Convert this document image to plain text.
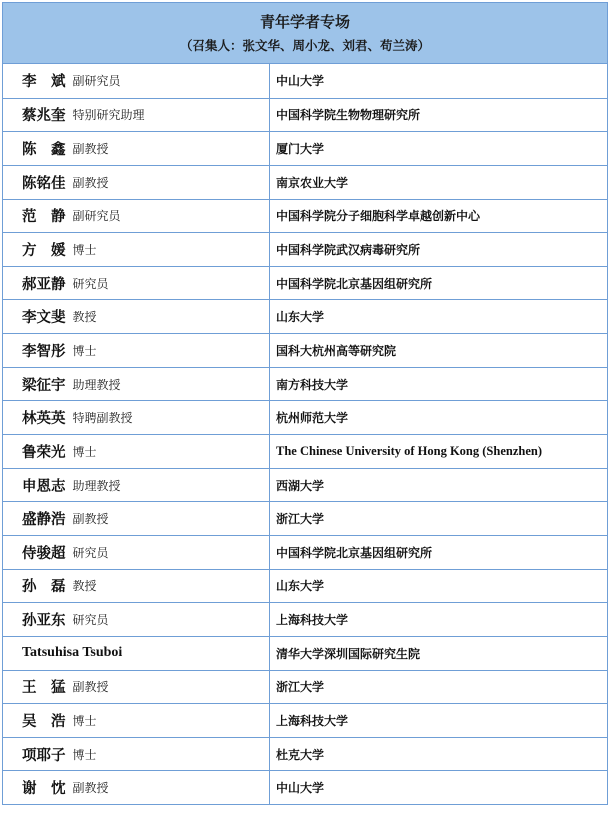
青年学者专场
（召集人：张文华、周小龙、刘君、苟兰涛）
李　斌 副研究员	中山大学
蔡兆奎 特别研究助理	中国科学院生物物理研究所
陈　鑫 副教授	厦门大学
陈铭佳 副教授	南京农业大学
范　静 副研究员	中国科学院分子细胞科学卓越创新中心
方　媛 博士	中国科学院武汉病毒研究所
郝亚静 研究员	中国科学院北京基因组研究所
李文斐 教授	山东大学
李智彤 博士	国科大杭州高等研究院
梁征宇 助理教授	南方科技大学
林英英 特聘副教授	杭州师范大学
鲁荣光 博士	The Chinese University of Hong Kong (Shenzhen)
申恩志 助理教授	西湖大学
盛静浩 副教授	浙江大学
侍骏超 研究员	中国科学院北京基因组研究所
孙　磊 教授	山东大学
孙亚东 研究员	上海科技大学
Tatsuhisa Tsuboi	清华大学深圳国际研究生院
王　猛 副教授	浙江大学
吴　浩 博士	上海科技大学
项耶子 博士	杜克大学
谢　忱 副教授	中山大学
